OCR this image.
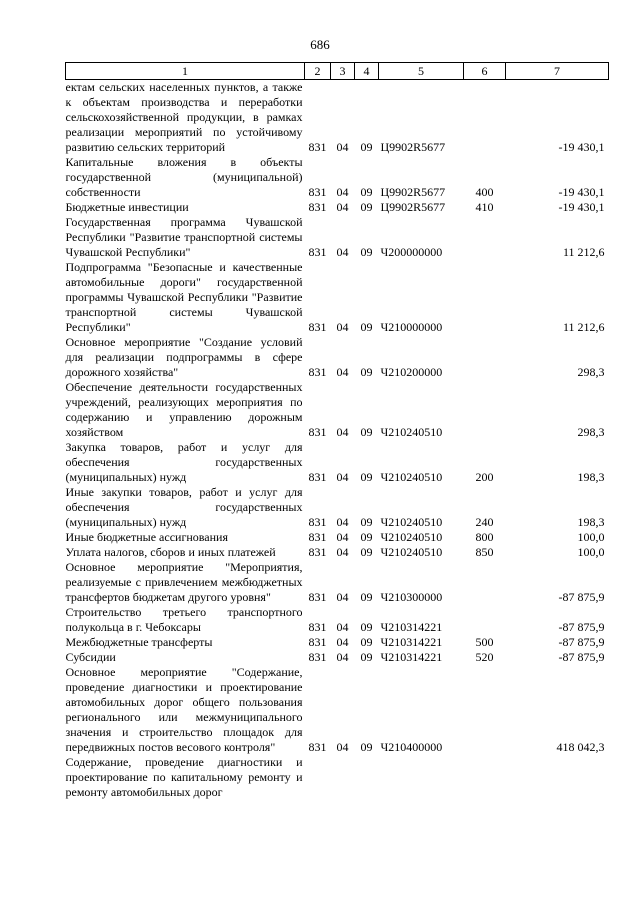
686
1	2	3	4	5	6	7
ектам сельских населенных пунктов, а также к объектам производства и переработки сельскохозяйственной продукции, в рамках реализации мероприятий по устойчивому развитию сельских территорий	831	04	09	Ц9902R5677		-19 430,1
Капитальные вложения в объекты государственной (муниципальной) собственности	831	04	09	Ц9902R5677	400	-19 430,1
Бюджетные инвестиции	831	04	09	Ц9902R5677	410	-19 430,1
Государственная программа Чувашской Республики "Развитие транспортной системы Чувашской Республики"	831	04	09	Ч200000000		11 212,6
Подпрограмма "Безопасные и качественные автомобильные дороги" государственной программы Чувашской Республики "Развитие транспортной системы Чувашской Республики"	831	04	09	Ч210000000		11 212,6
Основное мероприятие "Создание условий для реализации подпрограммы в сфере дорожного хозяйства"	831	04	09	Ч210200000		298,3
Обеспечение деятельности государственных учреждений, реализующих мероприятия по содержанию и управлению дорожным хозяйством	831	04	09	Ч210240510		298,3
Закупка товаров, работ и услуг для обеспечения государственных (муниципальных) нужд	831	04	09	Ч210240510	200	198,3
Иные закупки товаров, работ и услуг для обеспечения государственных (муниципальных) нужд	831	04	09	Ч210240510	240	198,3
Иные бюджетные ассигнования	831	04	09	Ч210240510	800	100,0
Уплата налогов, сборов и иных платежей	831	04	09	Ч210240510	850	100,0
Основное мероприятие "Мероприятия, реализуемые с привлечением межбюджетных трансфертов бюджетам другого уровня"	831	04	09	Ч210300000		-87 875,9
Строительство третьего транспортного полукольца в г. Чебоксары	831	04	09	Ч210314221		-87 875,9
Межбюджетные трансферты	831	04	09	Ч210314221	500	-87 875,9
Субсидии	831	04	09	Ч210314221	520	-87 875,9
Основное мероприятие "Содержание, проведение диагностики и проектирование автомобильных дорог общего пользования регионального или межмуниципального значения и строительство площадок для передвижных постов весового контроля"	831	04	09	Ч210400000		418 042,3
Содержание, проведение диагностики и проектирование по капитальному ремонту и ремонту автомобильных дорог						
